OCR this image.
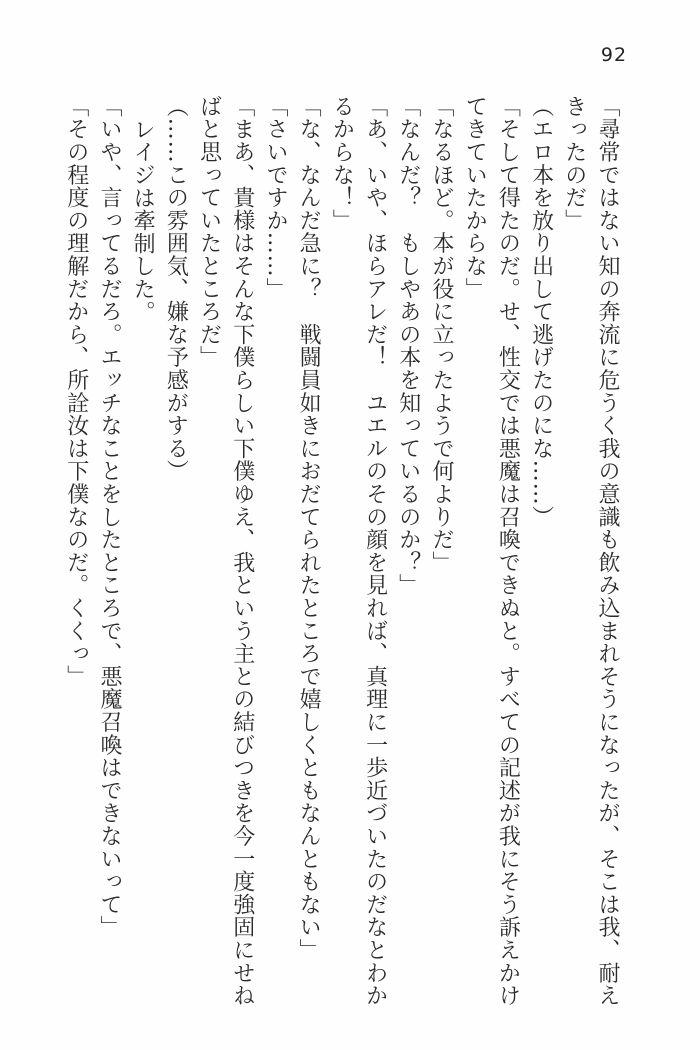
92

「尋常ではない知の奔流に危うく我の意識も飲み込まれそうになったが、そこは我、耐え

きったのだ」

（エロ本を放り出して逃げたのにな……）

「そして得たのだ。せ、性交では悪魔は召喚できぬと。すべての記述が我にそう訴えかけ

てきていたからな」

「なるほど。本が役に立ったようで何よりだ」

「なんだ？　もしやあの本を知っているのか？」

「あ、いや、ほらアレだ！　ユエルのその顔を見れば、真理に一歩近づいたのだなとわか

るからな！」

「な、なんだ急に？　戦闘員如きにおだてられたところで嬉しくともなんともない」

「さいですか……」

「まあ、貴様はそんな下僕らしい下僕ゆえ、我という主との結びつきを今一度強固にせね

ばと思っていたところだ」

（……この雰囲気、嫌な予感がする）

レイジは牽制した。

「いや、言ってるだろ。エッチなことをしたところで、悪魔召喚はできないって」

「その程度の理解だから、所詮汝は下僕なのだ。くくっ」
